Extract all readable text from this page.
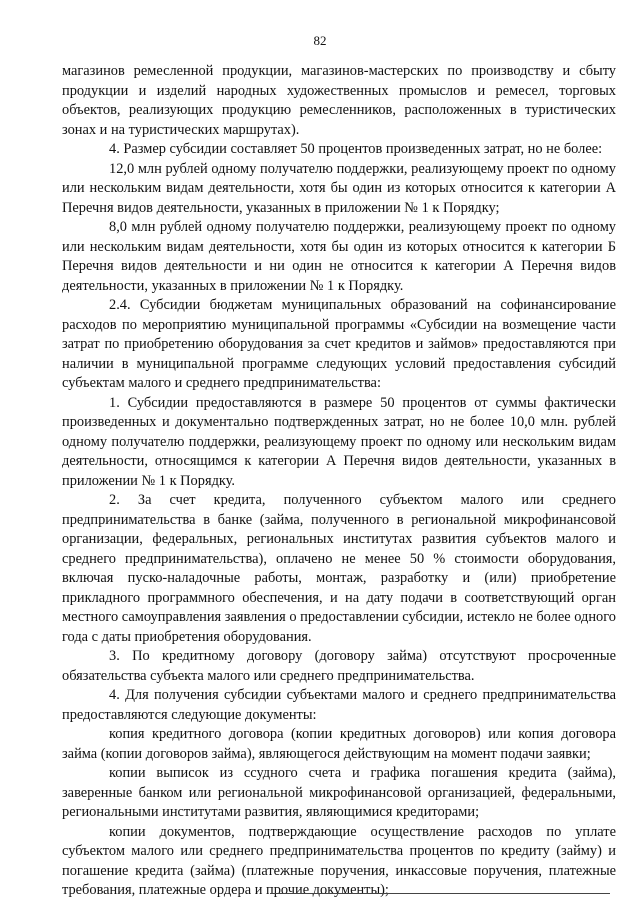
82

магазинов ремесленной продукции, магазинов-мастерских по производству и сбыту продукции и изделий народных художественных промыслов и ремесел, торговых объектов, реализующих продукцию ремесленников, расположенных в туристических зонах и на туристических маршрутах).

4. Размер субсидии составляет 50 процентов произведенных затрат, но не более:

12,0 млн рублей одному получателю поддержки, реализующему проект по одному или нескольким видам деятельности, хотя бы один из которых относится к категории А Перечня видов деятельности, указанных в приложении № 1 к Порядку;

8,0 млн рублей одному получателю поддержки, реализующему проект по одному или нескольким видам деятельности, хотя бы один из которых относится к категории Б Перечня видов деятельности и ни один не относится к категории А Перечня видов деятельности, указанных в приложении № 1 к Порядку.

2.4. Субсидии бюджетам муниципальных образований на софинансирование расходов по мероприятию муниципальной программы «Субсидии на возмещение части затрат по приобретению оборудования за счет кредитов и займов» предоставляются при наличии в муниципальной программе следующих условий предоставления субсидий субъектам малого и среднего предпринимательства:

1. Субсидии предоставляются в размере 50 процентов от суммы фактически произведенных и документально подтвержденных затрат, но не более 10,0 млн. рублей одному получателю поддержки, реализующему проект по одному или нескольким видам деятельности, относящимся к категории А Перечня видов деятельности, указанных в приложении № 1 к Порядку.

2. За счет кредита, полученного субъектом малого или среднего предпринимательства в банке (займа, полученного в региональной микрофинансовой организации, федеральных, региональных институтах развития субъектов малого и среднего предпринимательства), оплачено не менее 50 % стоимости оборудования, включая пуско-наладочные работы, монтаж, разработку и (или) приобретение прикладного программного обеспечения, и на дату подачи в соответствующий орган местного самоуправления заявления о предоставлении субсидии, истекло не более одного года с даты приобретения оборудования.

3. По кредитному договору (договору займа) отсутствуют просроченные обязательства субъекта малого или среднего предпринимательства.

4. Для получения субсидии субъектами малого и среднего предпринимательства предоставляются следующие документы:

копия кредитного договора (копии кредитных договоров) или копия договора займа (копии договоров займа), являющегося действующим на момент подачи заявки;

копии выписок из ссудного счета и графика погашения кредита (займа), заверенные банком или региональной микрофинансовой организацией, федеральными, региональными институтами развития, являющимися кредиторами;

копии документов, подтверждающие осуществление расходов по уплате субъектом малого или среднего предпринимательства процентов по кредиту (займу) и погашение кредита (займа) (платежные поручения, инкассовые поручения, платежные требования, платежные ордера и прочие документы);
